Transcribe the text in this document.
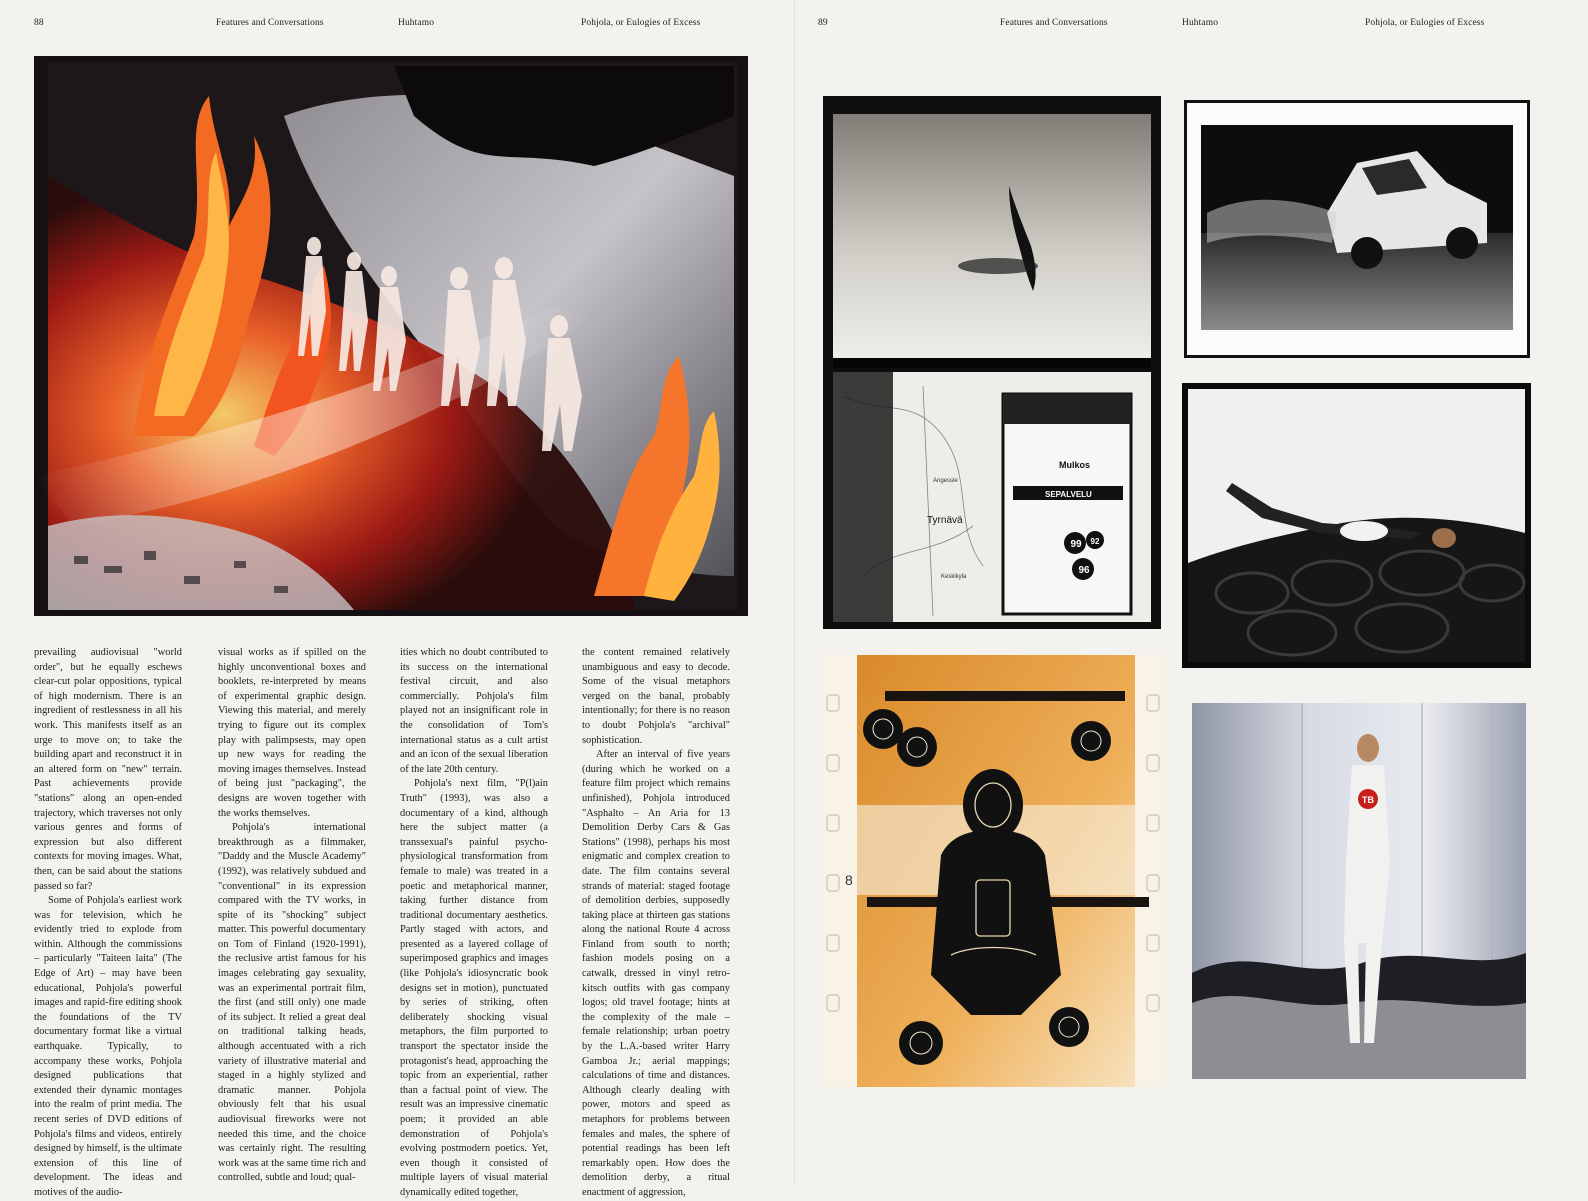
88	Features and Conversations	Huhtamo	Pohjola, or Eulogies of Excess	89	Features and Conversations	Huhtamo	Pohjola, or Eulogies of Excess

prevailing audiovisual "world order", but he equally eschews clear-cut polar oppositions, typical of high modernism. There is an ingredient of restlessness in all his work. This manifests itself as an urge to move on; to take the building apart and reconstruct it in an altered form on "new" terrain. Past achievements provide "stations" along an open-ended trajectory, which traverses not only various genres and forms of expression but also different contexts for moving images. What, then, can be said about the stations passed so far?

Some of Pohjola's earliest work was for television, which he evidently tried to explode from within. Although the commissions – particularly "Taiteen laita" (The Edge of Art) – may have been educational, Pohjola's powerful images and rapid-fire editing shook the foundations of the TV documentary format like a virtual earthquake. Typically, to accompany these works, Pohjola designed publications that extended their dynamic montages into the realm of print media. The recent series of DVD editions of Pohjola's films and videos, entirely designed by himself, is the ultimate extension of this line of development. The ideas and motives of the audio-

visual works as if spilled on the highly unconventional boxes and booklets, re-interpreted by means of experimental graphic design. Viewing this material, and merely trying to figure out its complex play with palimpsests, may open up new ways for reading the moving images themselves. Instead of being just "packaging", the designs are woven together with the works themselves.

Pohjola's international breakthrough as a filmmaker, "Daddy and the Muscle Academy" (1992), was relatively subdued and "conventional" in its expression compared with the TV works, in spite of its "shocking" subject matter. This powerful documentary on Tom of Finland (1920-1991), the reclusive artist famous for his images celebrating gay sexuality, was an experimental portrait film, the first (and still only) one made of its subject. It relied a great deal on traditional talking heads, although accentuated with a rich variety of illustrative material and staged in a highly stylized and dramatic manner. Pohjola obviously felt that his usual audiovisual fireworks were not needed this time, and the choice was certainly right. The resulting work was at the same time rich and controlled, subtle and loud; qual-

ities which no doubt contributed to its success on the international festival circuit, and also commercially. Pohjola's film played not an insignificant role in the consolidation of Tom's international status as a cult artist and an icon of the sexual liberation of the late 20th century.

Pohjola's next film, "P(l)ain Truth" (1993), was also a documentary of a kind, although here the subject matter (a transsexual's painful psycho-physiological transformation from female to male) was treated in a poetic and metaphorical manner, taking further distance from traditional documentary aesthetics. Partly staged with actors, and presented as a layered collage of superimposed graphics and images (like Pohjola's idiosyncratic book designs set in motion), punctuated by series of striking, often deliberately shocking visual metaphors, the film purported to transport the spectator inside the protagonist's head, approaching the topic from an experiential, rather than a factual point of view. The result was an impressive cinematic poem; it provided an able demonstration of Pohjola's evolving postmodern poetics. Yet, even though it consisted of multiple layers of visual material dynamically edited together,

the content remained relatively unambiguous and easy to decode. Some of the visual metaphors verged on the banal, probably intentionally; for there is no reason to doubt Pohjola's "archival" sophistication.

After an interval of five years (during which he worked on a feature film project which remains unfinished), Pohjola introduced "Asphalto – An Aria for 13 Demolition Derby Cars & Gas Stations" (1998), perhaps his most enigmatic and complex creation to date. The film contains several strands of material: staged footage of demolition derbies, supposedly taking place at thirteen gas stations along the national Route 4 across Finland from south to north; fashion models posing on a catwalk, dressed in vinyl retro-kitsch outfits with gas company logos; old travel footage; hints at the complexity of the male – female relationship; urban poetry by the L.A.-based writer Harry Gamboa Jr.; aerial mappings; calculations of time and distances. Although clearly dealing with power, motors and speed as metaphors for problems between females and males, the sphere of potential readings has been left remarkably open. How does the demolition derby, a ritual enactment of aggression,

99 92
96
Mulkos
SEPALVELU
Tyrnävä
Angessle
Keskikyla
8
TB
